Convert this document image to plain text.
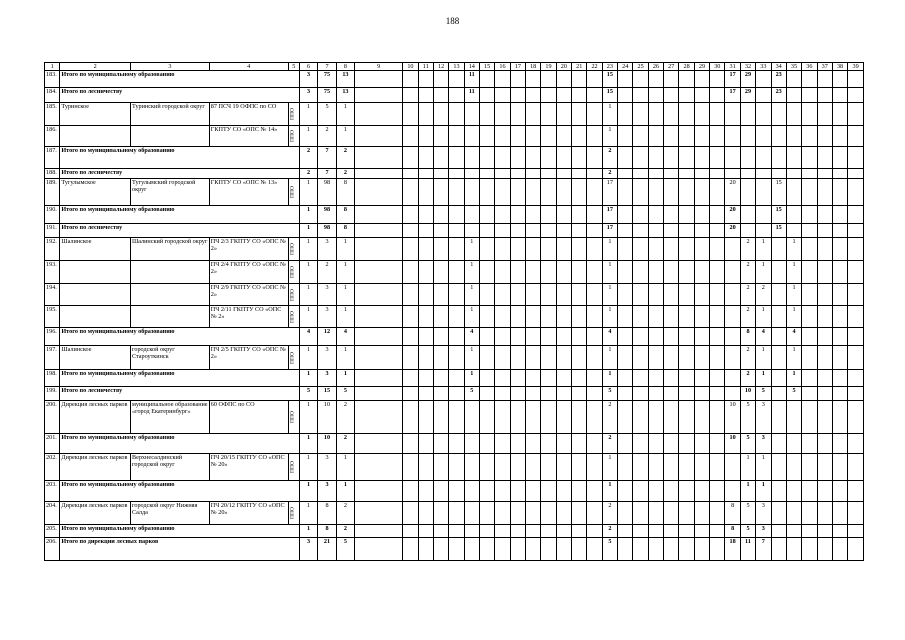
188
1	2	3	4	5	6	7	8	9	10	11	12	13	14	15	16	17	18	19	20	21	22	23	24	25	26	27	28	29	30	31	32	33	34	35	36	37	38	39
183.	Итого по муниципальному образованию				3	75	13						11									15								17	29		23					
184.	Итого по лесничеству				3	75	13						11									15								17	29		23					
185.	Туринское	Туринский городской округ	87 ПСЧ 19 ОФПС по СО	ППО	1	5	1															1																
186.			ГКПТУ СО «ОПС № 14»	ППО	1	2	1															1																
187.	Итого по муниципальному образованию				2	7	2															2																
188.	Итого по лесничеству				2	7	2															2																
189.	Тугулымское	Тугулымский городской округ	ГКПТУ СО «ОПС № 13»	ППО	1	98	8															17								20			15					
190.	Итого по муниципальному образованию				1	98	8															17								20			15					
191.	Итого по лесничеству				1	98	8															17								20			15					
192.	Шалинское	Шалинский городской округ	ПЧ 2/3 ГКПТУ СО «ОПС № 2»	ППО	1	3	1						1									1									2	1		1				
193.			ПЧ 2/4 ГКПТУ СО «ОПС № 2»	ППО	1	2	1						1									1									2	1		1				
194.			ПЧ 2/9 ГКПТУ СО «ОПС № 2»	ППО	1	3	1						1									1									2	2		1				
195.			ПЧ 2/11 ГКПТУ СО «ОПС № 2»	ППО	1	3	1						1									1									2	1		1				
196.	Итого по муниципальному образованию				4	12	4						4									4									8	4		4				
197.	Шалинское	городской округ Староуткинск	ПЧ 2/5 ГКПТУ СО «ОПС № 2»	ППО	1	3	1						1									1									2	1		1				
198.	Итого по муниципальному образованию				1	3	1						1									1									2	1		1				
199.	Итого по лесничеству				5	15	5						5									5									10	5		5				
200.	Дирекция лесных парков	муниципальное образование «город Екатеринбург»	60 ОФПС по СО	ППО	1	10	2															2								10	5	3						
201.	Итого по муниципальному образованию				1	10	2															2								10	5	3						
202.	Дирекция лесных парков	Верхнесалдинский городской округ	ПЧ 20/15 ГКПТУ СО «ОПС № 20»	ППО	1	3	1															1									1	1						
203.	Итого по муниципальному образованию				1	3	1															1									1	1						
204.	Дирекция лесных парков	городской округ Нижняя Салда	ПЧ 20/12 ГКПТУ СО «ОПС № 20»	ППО	1	8	2															2								8	5	3						
205.	Итого по муниципальному образованию				1	8	2															2								8	5	3						
206.	Итого по дирекции лесных парков				3	21	5															5								18	11	7						
